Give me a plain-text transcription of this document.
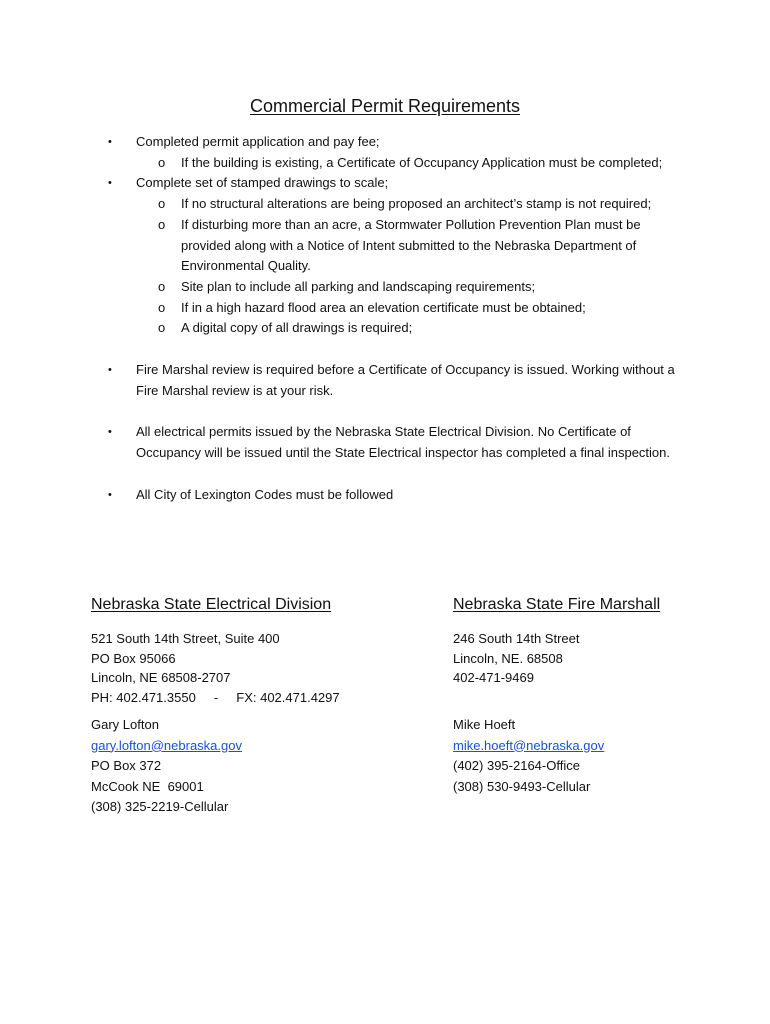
Commercial Permit Requirements
• Completed permit application and pay fee;
o If the building is existing, a Certificate of Occupancy Application must be completed;
• Complete set of stamped drawings to scale;
o If no structural alterations are being proposed an architect’s stamp is not required;
o If disturbing more than an acre, a Stormwater Pollution Prevention Plan must be provided along with a Notice of Intent submitted to the Nebraska Department of Environmental Quality.
o Site plan to include all parking and landscaping requirements;
o If in a high hazard flood area an elevation certificate must be obtained;
o A digital copy of all drawings is required;
• Fire Marshal review is required before a Certificate of Occupancy is issued. Working without a Fire Marshal review is at your risk.
• All electrical permits issued by the Nebraska State Electrical Division. No Certificate of Occupancy will be issued until the State Electrical inspector has completed a final inspection.
• All City of Lexington Codes must be followed
Nebraska State Electrical Division
521 South 14th Street, Suite 400
PO Box 95066
Lincoln, NE 68508-2707
PH: 402.471.3550     -     FX: 402.471.4297
Gary Lofton
gary.lofton@nebraska.gov
PO Box 372
McCook NE  69001
(308) 325-2219-Cellular
Nebraska State Fire Marshall
246 South 14th Street
Lincoln, NE. 68508
402-471-9469
Mike Hoeft
mike.hoeft@nebraska.gov
(402) 395-2164-Office
(308) 530-9493-Cellular
